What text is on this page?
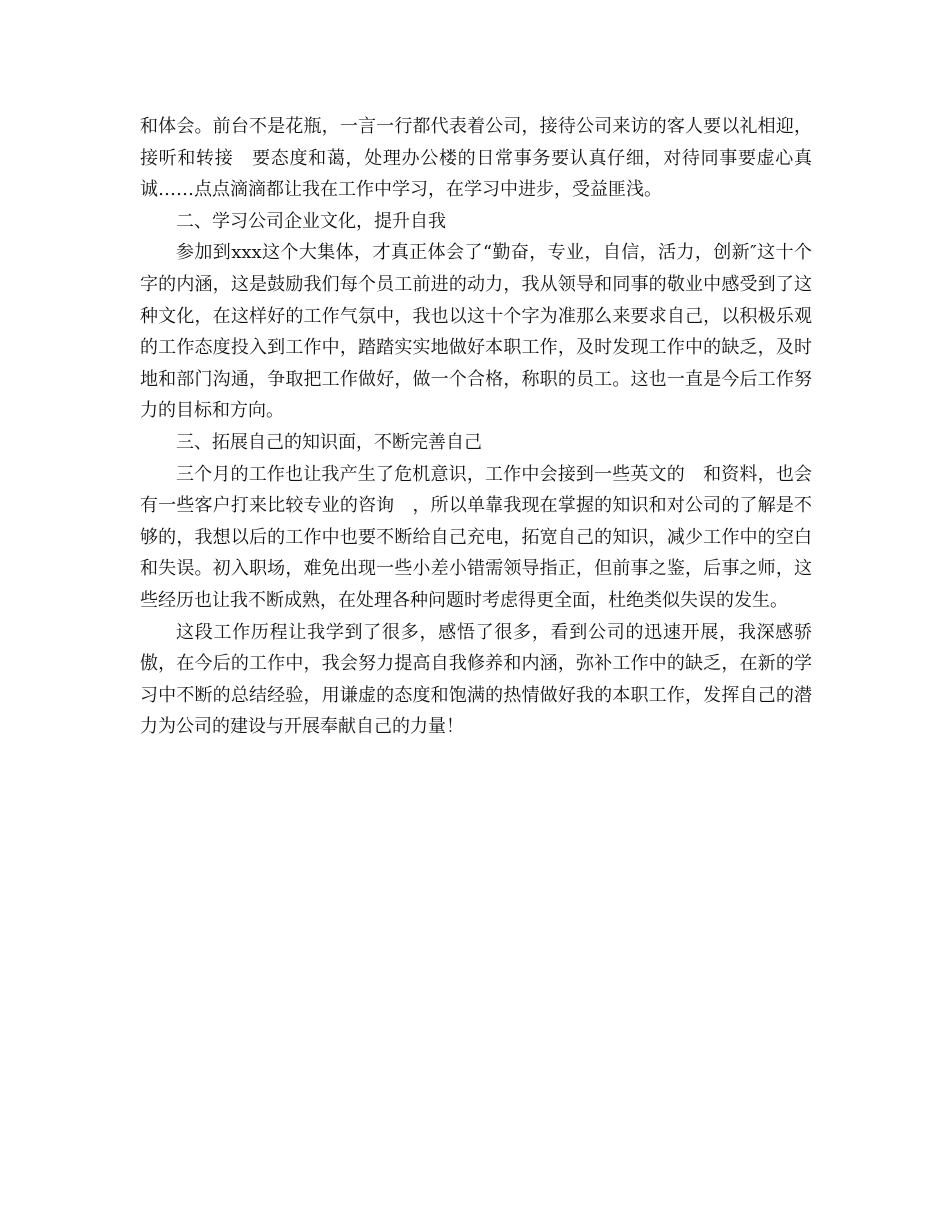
和体会。前台不是花瓶，一言一行都代表着公司，接待公司来访的客人要以礼相迎，接听和转接　要态度和蔼，处理办公楼的日常事务要认真仔细，对待同事要虚心真诚……点点滴滴都让我在工作中学习，在学习中进步，受益匪浅。

二、学习公司企业文化，提升自我

参加到xxx这个大集体，才真正体会了“勤奋，专业，自信，活力，创新″这十个字的内涵，这是鼓励我们每个员工前进的动力，我从领导和同事的敬业中感受到了这种文化，在这样好的工作气氛中，我也以这十个字为准那么来要求自己，以积极乐观的工作态度投入到工作中，踏踏实实地做好本职工作，及时发现工作中的缺乏，及时地和部门沟通，争取把工作做好，做一个合格，称职的员工。这也一直是今后工作努力的目标和方向。

三、拓展自己的知识面，不断完善自己

三个月的工作也让我产生了危机意识，工作中会接到一些英文的　和资料，也会有一些客户打来比较专业的咨询　，所以单靠我现在掌握的知识和对公司的了解是不够的，我想以后的工作中也要不断给自己充电，拓宽自己的知识，减少工作中的空白和失误。初入职场，难免出现一些小差小错需领导指正，但前事之鉴，后事之师，这些经历也让我不断成熟，在处理各种问题时考虑得更全面，杜绝类似失误的发生。

这段工作历程让我学到了很多，感悟了很多，看到公司的迅速开展，我深感骄傲，在今后的工作中，我会努力提高自我修养和内涵，弥补工作中的缺乏，在新的学习中不断的总结经验，用谦虚的态度和饱满的热情做好我的本职工作，发挥自己的潜力为公司的建设与开展奉献自己的力量！
